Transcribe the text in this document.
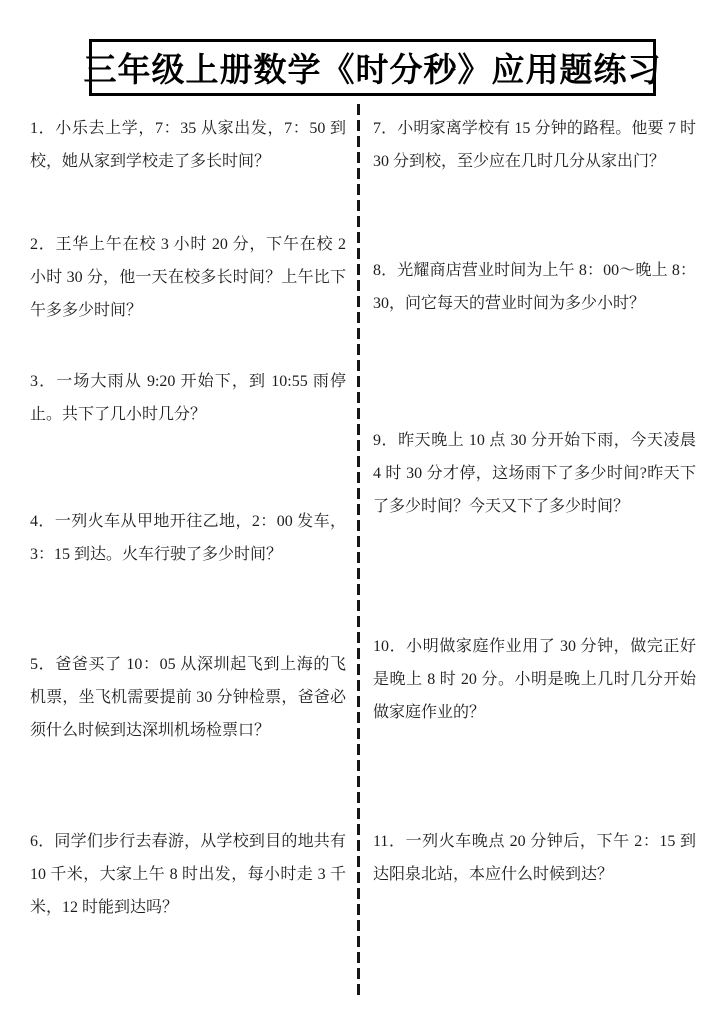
三年级上册数学《时分秒》应用题练习
1．小乐去上学，7：35 从家出发，7：50 到校，她从家到学校走了多长时间？
2．王华上午在校 3 小时 20 分，下午在校 2 小时 30 分，他一天在校多长时间？上午比下午多多少时间？
3．一场大雨从 9:20 开始下，到 10:55 雨停止。共下了几小时几分？
4．一列火车从甲地开往乙地，2：00 发车，3：15 到达。火车行驶了多少时间？
5．爸爸买了 10：05 从深圳起飞到上海的飞机票，坐飞机需要提前 30 分钟检票，爸爸必须什么时候到达深圳机场检票口？
6．同学们步行去春游，从学校到目的地共有 10 千米，大家上午 8 时出发，每小时走 3 千米，12 时能到达吗？
7．小明家离学校有 15 分钟的路程。他要 7 时 30 分到校，至少应在几时几分从家出门？
8．光耀商店营业时间为上午 8：00～晚上 8：30，问它每天的营业时间为多少小时？
9．昨天晚上 10 点 30 分开始下雨，今天凌晨 4 时 30 分才停，这场雨下了多少时间?昨天下了多少时间？今天又下了多少时间？
10．小明做家庭作业用了 30 分钟，做完正好是晚上 8 时 20 分。小明是晚上几时几分开始做家庭作业的？
11．一列火车晚点 20 分钟后，下午 2：15 到达阳泉北站，本应什么时候到达？
